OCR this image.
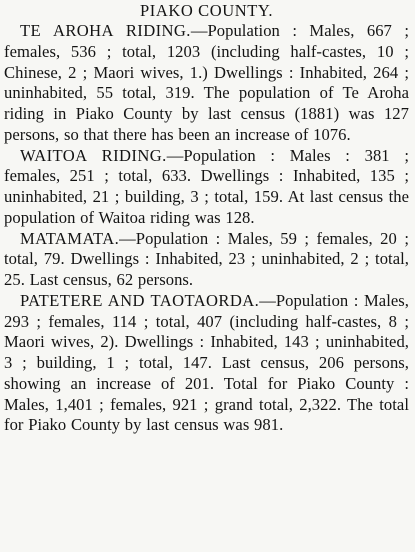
PIAKO COUNTY.

TE AROHA RIDING.—Population : Males, 667 ; females, 536 ; total, 1203 (including half-castes, 10 ; Chinese, 2 ; Maori wives, 1.) Dwellings : Inhabited, 264 ; uninhabited, 55 total, 319. The population of Te Aroha riding in Piako County by last census (1881) was 127 persons, so that there has been an increase of 1076.

WAITOA RIDING.—Population : Males : 381 ; females, 251 ; total, 633. Dwellings : Inhabited, 135 ; uninhabited, 21 ; building, 3 ; total, 159. At last census the population of Waitoa riding was 128.

MATAMATA.—Population : Males, 59 ; females, 20 ; total, 79. Dwellings : Inhabited, 23 ; uninhabited, 2 ; total, 25. Last census, 62 persons.

PATETERE AND TAOTAORDA.—Population : Males, 293 ; females, 114 ; total, 407 (including half-castes, 8 ; Maori wives, 2). Dwellings : Inhabited, 143 ; uninhabited, 3 ; building, 1 ; total, 147. Last census, 206 persons, showing an increase of 201. Total for Piako County : Males, 1,401 ; females, 921 ; grand total, 2,322. The total for Piako County by last census was 981.
